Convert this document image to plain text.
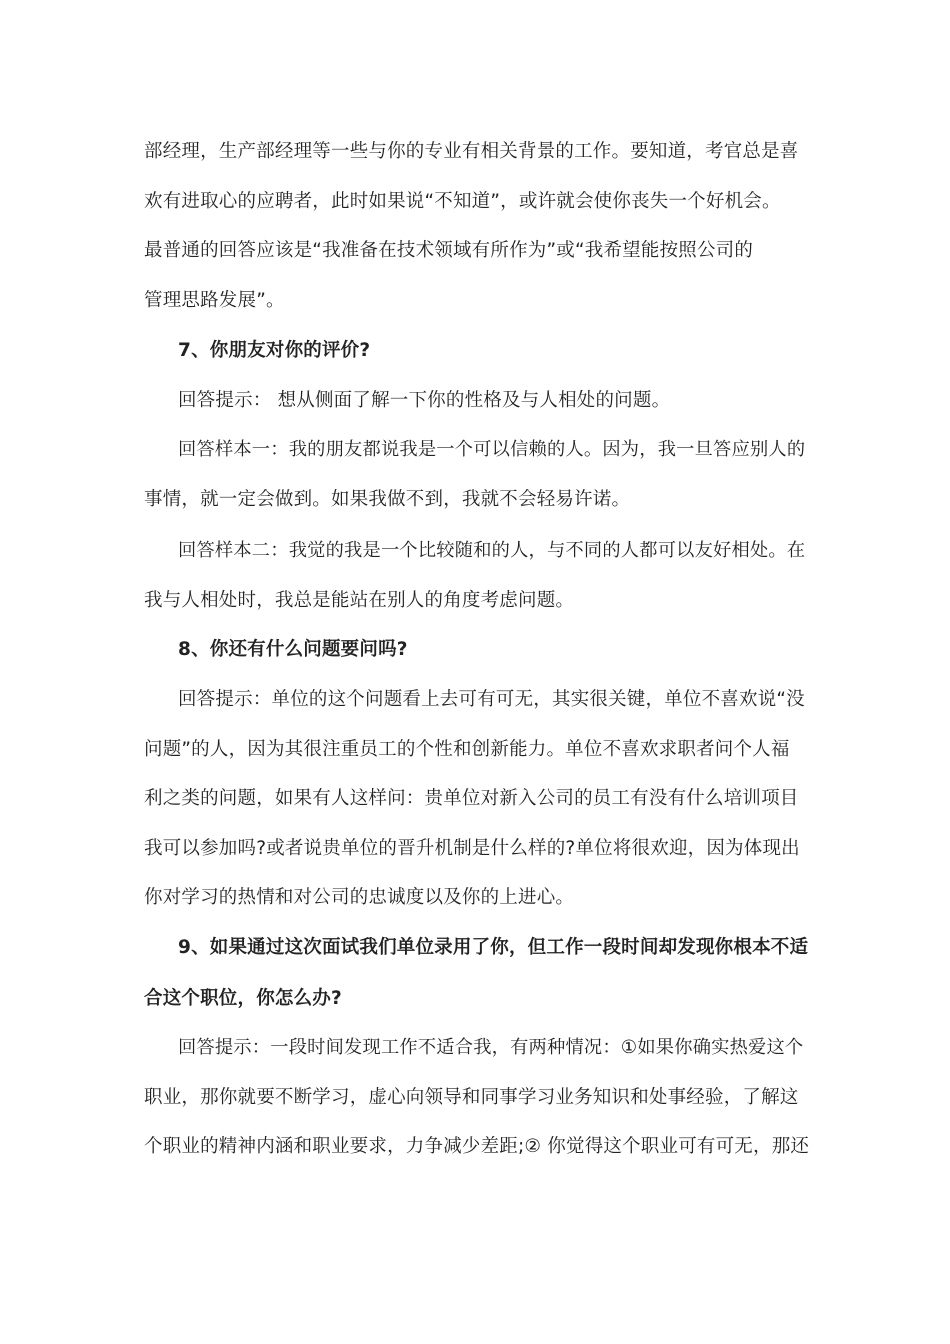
部经理，生产部经理等一些与你的专业有相关背景的工作。要知道，考官总是喜
欢有进取心的应聘者，此时如果说“不知道”，或许就会使你丧失一个好机会。
最普通的回答应该是“我准备在技术领域有所作为”或“我希望能按照公司的
管理思路发展”。
7、你朋友对你的评价?
回答提示： 想从侧面了解一下你的性格及与人相处的问题。
回答样本一：我的朋友都说我是一个可以信赖的人。因为，我一旦答应别人的
事情，就一定会做到。如果我做不到，我就不会轻易许诺。
回答样本二：我觉的我是一个比较随和的人，与不同的人都可以友好相处。在
我与人相处时，我总是能站在别人的角度考虑问题。
8、你还有什么问题要问吗?
回答提示：单位的这个问题看上去可有可无，其实很关键，单位不喜欢说“没
问题”的人，因为其很注重员工的个性和创新能力。单位不喜欢求职者问个人福
利之类的问题，如果有人这样问：贵单位对新入公司的员工有没有什么培训项目
我可以参加吗?或者说贵单位的晋升机制是什么样的?单位将很欢迎，因为体现出
你对学习的热情和对公司的忠诚度以及你的上进心。
9、如果通过这次面试我们单位录用了你，但工作一段时间却发现你根本不适
合这个职位，你怎么办?
回答提示：一段时间发现工作不适合我，有两种情况：①如果你确实热爱这个
职业，那你就要不断学习，虚心向领导和同事学习业务知识和处事经验，了解这
个职业的精神内涵和职业要求，力争减少差距;② 你觉得这个职业可有可无，那还
